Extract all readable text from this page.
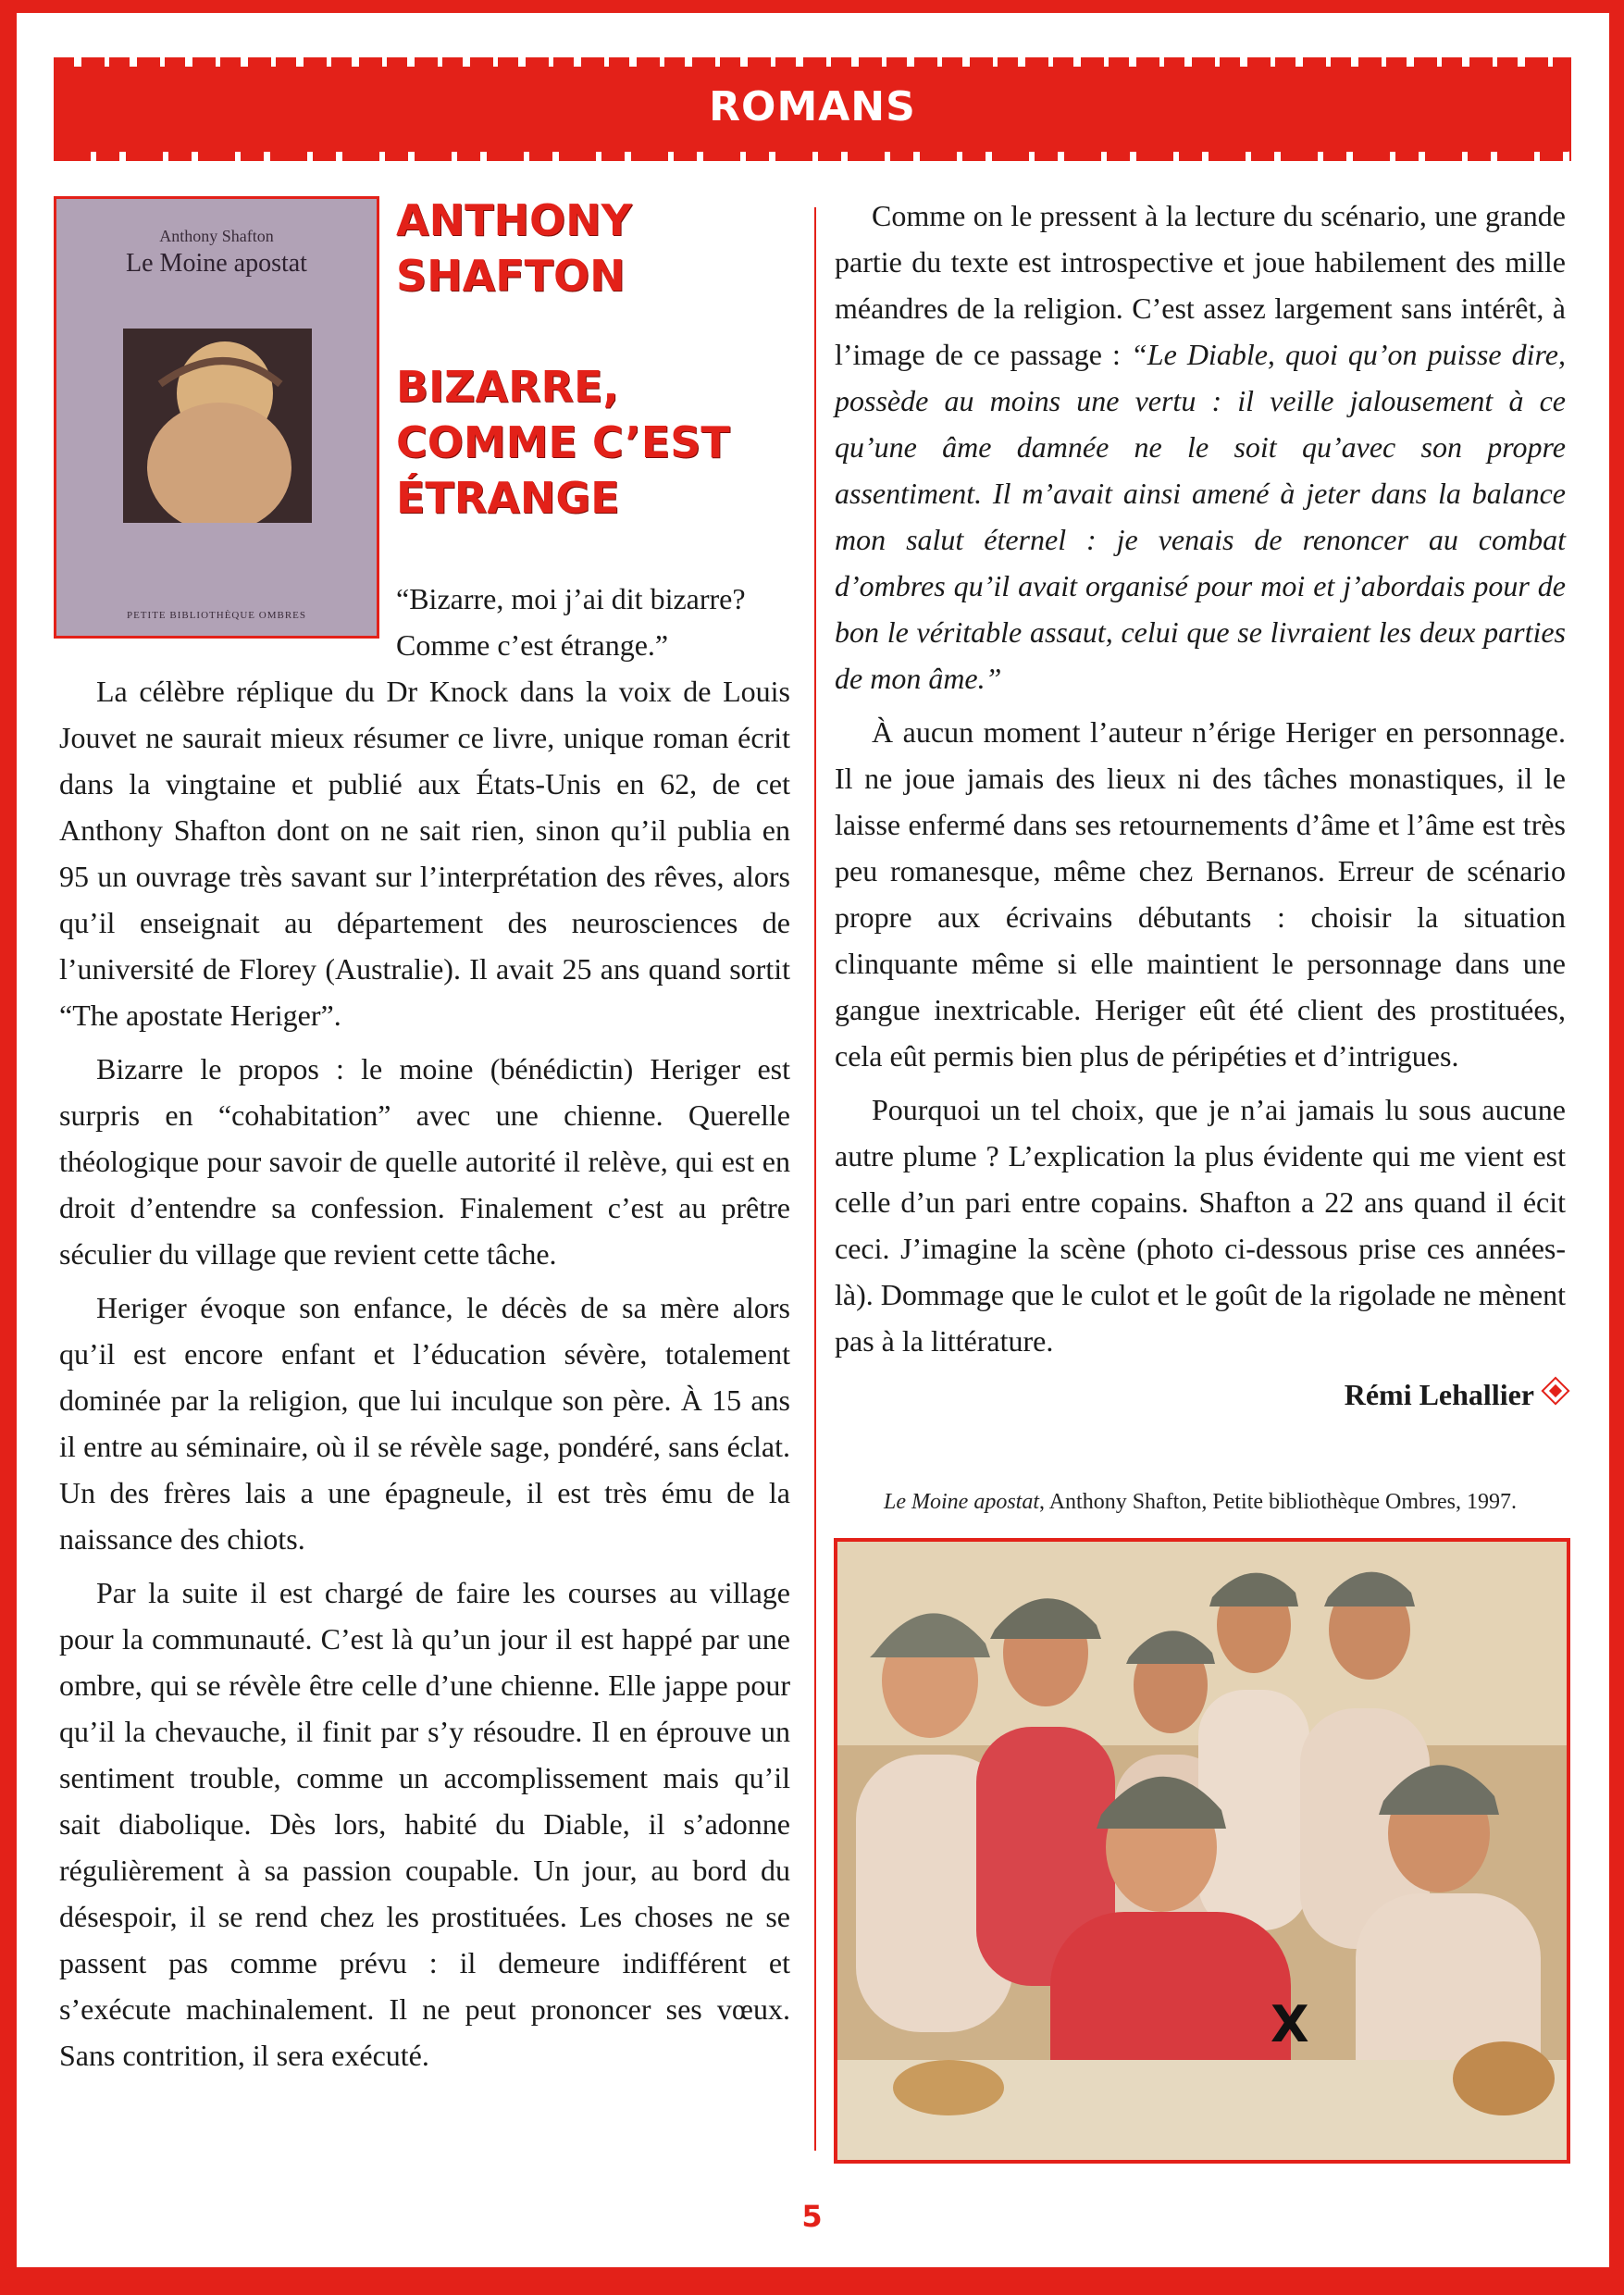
ROMANS
Anthony Shafton
Le Moine apostat
PETITE BIBLIOTHÈQUE OMBRES
ANTHONY
SHAFTON
BIZARRE,
COMME C’EST
ÉTRANGE

“Bizarre, moi j’ai dit bizarre? Comme c’est étrange.”

La célèbre réplique du Dr Knock dans la voix de Louis Jouvet ne saurait mieux résumer ce livre, unique roman écrit dans la vingtaine et publié aux États-Unis en 62, de cet Anthony Shafton dont on ne sait rien, sinon qu’il publia en 95 un ouvrage très savant sur l’interprétation des rêves, alors qu’il enseignait au département des neurosciences de l’université de Florey (Australie). Il avait 25 ans quand sortit “The apostate Heriger”.

Bizarre le propos : le moine (bénédictin) Heriger est surpris en “cohabitation” avec une chienne. Querelle théologique pour savoir de quelle autorité il relève, qui est en droit d’entendre sa confession. Finalement c’est au prêtre séculier du village que revient cette tâche.

Heriger évoque son enfance, le décès de sa mère alors qu’il est encore enfant et l’éducation sévère, totalement dominée par la religion, que lui inculque son père. À 15 ans il entre au séminaire, où il se révèle sage, pondéré, sans éclat. Un des frères lais a une épagneule, il est très ému de la naissance des chiots.

Par la suite il est chargé de faire les courses au village pour la communauté. C’est là qu’un jour il est happé par une ombre, qui se révèle être celle d’une chienne. Elle jappe pour qu’il la chevauche, il finit par s’y résoudre. Il en éprouve un sentiment trouble, comme un accomplissement mais qu’il sait diabolique. Dès lors, habité du Diable, il s’adonne régulièrement à sa passion coupable. Un jour, au bord du désespoir, il se rend chez les prostituées. Les choses ne se passent pas comme prévu : il demeure indifférent et s’exécute machinalement. Il ne peut prononcer ses vœux. Sans contrition, il sera exécuté.

Comme on le pressent à la lecture du scénario, une grande partie du texte est introspective et joue habilement des mille méandres de la religion. C’est assez largement sans intérêt, à l’image de ce passage : “Le Diable, quoi qu’on puisse dire, possède au moins une vertu : il veille jalousement à ce qu’une âme damnée ne le soit qu’avec son propre assentiment. Il m’avait ainsi amené à jeter dans la balance mon salut éternel : je venais de renoncer au combat d’ombres qu’il avait organisé pour moi et j’abordais pour de bon le véritable assaut, celui que se livraient les deux parties de mon âme.”

À aucun moment l’auteur n’érige Heriger en personnage. Il ne joue jamais des lieux ni des tâches monastiques, il le laisse enfermé dans ses retournements d’âme et l’âme est très peu romanesque, même chez Bernanos. Erreur de scénario propre aux écrivains débutants : choisir la situation clinquante même si elle maintient le personnage dans une gangue inextricable. Heriger eût été client des prostituées, cela eût permis bien plus de péripéties et d’intrigues.

Pourquoi un tel choix, que je n’ai jamais lu sous aucune autre plume ? L’explication la plus évidente qui me vient est celle d’un pari entre copains. Shafton a 22 ans quand il écit ceci. J’imagine la scène (photo ci-dessous prise ces années-là). Dommage que le culot et le goût de la rigolade ne mènent pas à la littérature.

Rémi Lehallier
Le Moine apostat, Anthony Shafton, Petite bibliothèque Ombres, 1997.
X
5
